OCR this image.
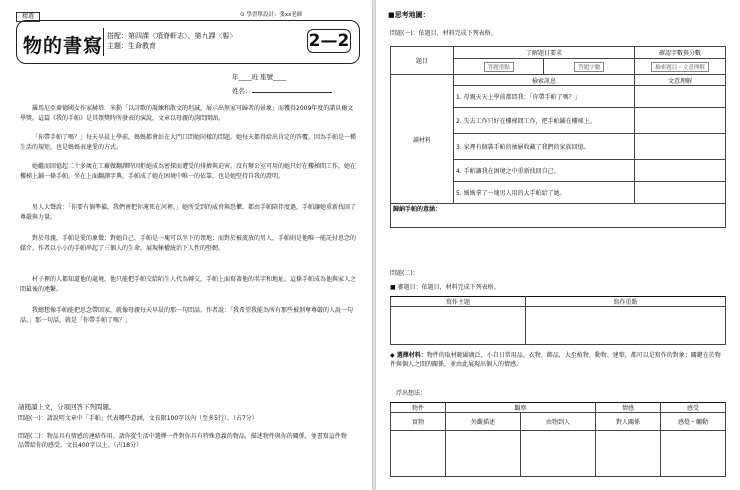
精選	⊙ 學習單設計：張xx老師
物的書寫 搭配：第四課〈項脊軒志〉、第九課〈髻〉
主題：生命教育	2—2
年____班 座號____
姓名：
羅馬尼亞裔德國女作家赫塔．米勒「以詩歌的凝練和散文的坦誠，展示出無家可歸者的景象」而獲得2009年度的諾貝爾文學獎。這篇《我的手帕》是其領獎時所發表的演說，文章以母親的詢問開頭。
「你帶手帕了嗎？」每天早晨上學前，媽媽都會站在大門口問她同樣的問題。她每天都得給出肯定的答覆，因為手帕是一種生活的規矩，也是媽媽表達愛的方式。
她繼而回憶起二十多歲在工廠做翻譯時因拒絕成為密探而遭受的排擠與迫害。沒有辦公室可用的她只好在樓梯間工作，她在樓梯上鋪一條手帕，坐在上面翻譯字典。手帕成了她在困境中唯一的依靠，也是她堅持自我的證明。
男人大聲說：「你要有個準備，我們會把你淹死在河裡。」她所受到的威脅與恐懼，都由手帕陪伴度過，手帕讓她重新找回了尊嚴與力量。
對於母親，手帕是愛的象徵；對她自己，手帕是一塊可以坐下的領地；而對於被流放的男人，手帕則是他唯一能託付思念的媒介。作者以小小的手帕串起了三個人的生命，展現極權統治下人性的堅韌。
村子裡的人都知道他的處境，他只能把手帕交給陌生人代為轉交，手帕上面寫著他的名字和地址。這條手帕成為他與家人之間最後的連繫。
我總想像手帕能把思念帶回家，就像母親每天早晨的那一句問話。作者說：「我希望我能為所有那些被剝奪尊嚴的人說一句話。」那一句話，就是「你帶手帕了嗎？」
請閱讀上文，分項回答下列問題。
問題(一)：請說明文章中「手帕」代表哪些意涵，文長限100字以內（至多5行）。（占7分）
問題(二)：物品具有情感的連結作用。請你從生活中選擇一件對你具有特殊意義的物品，描述物件與你的關係，並書寫這件物品帶給你的感受，文長400字以上。（占18分）
■思考地圖：
問題(一)：依題目，材料完成下列表格。
題目	了解題目要求		確認字數與分數
	答題重點	答題字數	檢索題目・文意理解
讀材料	檢索訊息		文意理解
	1. 母親天天上學前都問我：「你帶手帕了嗎？」		
	2. 失去工作只好在樓梯間工作，把手帕鋪在樓梯上。		
	3. 家裡有個裝手帕的抽屜收藏了我們的家族回憶。		
	4. 手帕讓我在困境之中重新找回自己。		
	5. 媽媽拿了一塊男人用的大手帕給了她。		
歸納手帕的意涵：			
問題(二)：
■ 審題目：依題目，材料完成下列表格。
寫作主題	寫作重點

◆ 選擇材料：物件的取材範圍廣泛，小自日常用品、衣物、飾品，大至植物、動物、建築，都可以是寫作的對象；關鍵在於物件與個人之間的關係，並由此展現出個人的情感。
浮出想法：
物件	觀察		情感	感受
實物	外觀描述	由物到人	對人關係	感覺・觸動
